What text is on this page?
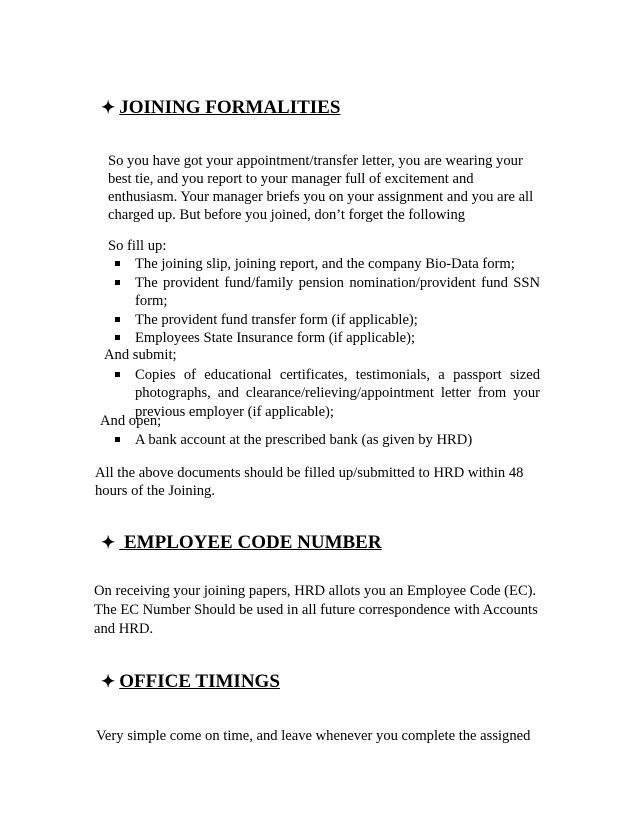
✦ JOINING FORMALITIES
So you have got your appointment/transfer letter, you are wearing your
best tie, and you report to your manager full of excitement and
enthusiasm. Your manager briefs you on your assignment and you are all
charged up. But before you joined, don’t forget the following
So fill up:
The joining slip, joining report, and the company Bio-Data form;
The provident fund/family pension nomination/provident fund SSN form;
The provident fund transfer form (if applicable);
Employees State Insurance form (if applicable);
And submit;
Copies of educational certificates, testimonials, a passport sized photographs, and clearance/relieving/appointment letter from your previous employer (if applicable);
And open;
A bank account at the prescribed bank (as given by HRD)
All the above documents should be filled up/submitted to HRD within 48
hours of the Joining.
✦ EMPLOYEE CODE NUMBER
On receiving your joining papers, HRD allots you an Employee Code (EC).
The EC Number Should be used in all future correspondence with Accounts
and HRD.
✦ OFFICE TIMINGS
Very simple come on time, and leave whenever you complete the assigned
